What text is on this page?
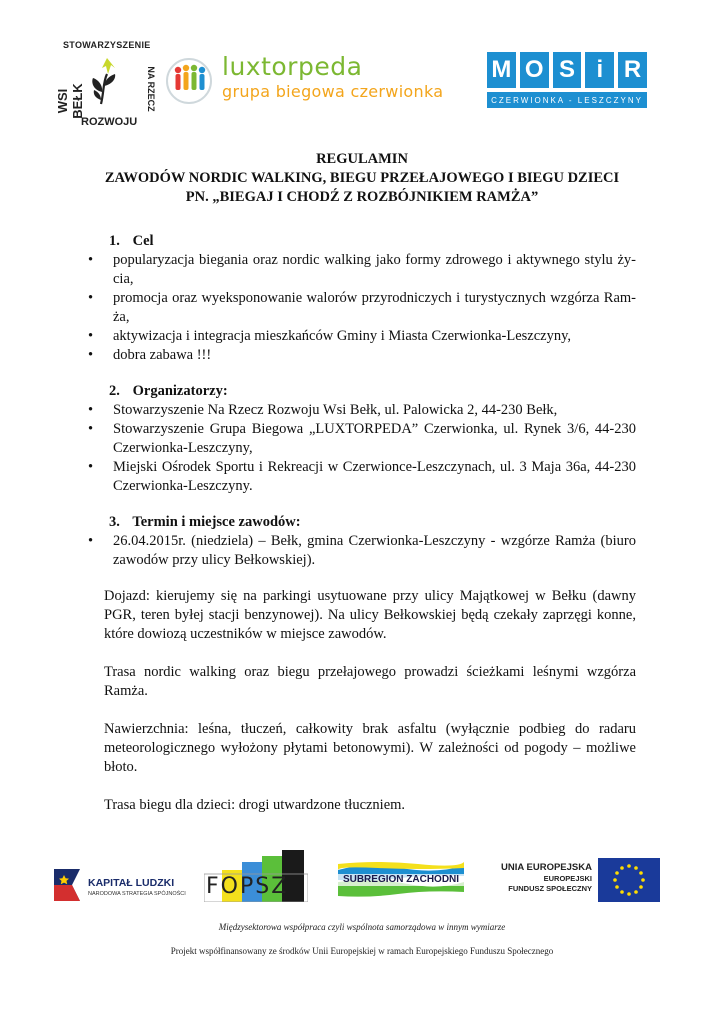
STOWARZYSZENIE
WSI BEŁK	NA RZECZ
ROZWOJU
luxtorpeda
grupa biegowa czerwionka
M O S i R
CZERWIONKA - LESZCZYNY
REGULAMIN
ZAWODÓW NORDIC WALKING, BIEGU PRZEŁAJOWEGO I BIEGU DZIECI
PN. „BIEGAJ I CHODŹ Z ROZBÓJNIKIEM RAMŻA”
1. Cel
• popularyzacja biegania oraz nordic walking jako formy zdrowego i aktywnego stylu ży-cia,
• promocja oraz wyeksponowanie walorów przyrodniczych i turystycznych wzgórza Ram-ża,
• aktywizacja i integracja mieszkańców Gminy i Miasta Czerwionka-Leszczyny,
• dobra zabawa !!!
2. Organizatorzy:
• Stowarzyszenie Na Rzecz Rozwoju Wsi Bełk, ul. Palowicka 2, 44-230 Bełk,
• Stowarzyszenie Grupa Biegowa „LUXTORPEDA” Czerwionka, ul. Rynek 3/6, 44-230 Czerwionka-Leszczyny,
• Miejski Ośrodek Sportu i Rekreacji w Czerwionce-Leszczynach, ul. 3 Maja 36a, 44-230 Czerwionka-Leszczyny.
3. Termin i miejsce zawodów:
• 26.04.2015r. (niedziela) – Bełk, gmina Czerwionka-Leszczyny - wzgórze Ramża (biuro zawodów przy ulicy Bełkowskiej).

Dojazd: kierujemy się na parkingi usytuowane przy ulicy Majątkowej w Bełku (dawny PGR, teren byłej stacji benzynowej). Na ulicy Bełkowskiej będą czekały zaprzęgi konne, które dowiozą uczestników w miejsce zawodów.

Trasa nordic walking oraz biegu przełajowego prowadzi ścieżkami leśnymi wzgórza Ramża.

Nawierzchnia: leśna, tłuczeń, całkowity brak asfaltu (wyłącznie podbieg do radaru meteorologicznego wyłożony płytami betonowymi). W zależności od pogody – możliwe błoto.

Trasa biegu dla dzieci: drogi utwardzone tłuczniem.

KAPITAŁ LUDZKI
NARODOWA STRATEGIA SPÓJNOŚCI FOPSZ	SUBREGION ZACHODNI
UNIA EUROPEJSKA
EUROPEJSKI
FUNDUSZ SPOŁECZNY
Międzysektorowa współpraca czyli wspólnota samorządowa w innym wymiarze
Projekt współfinansowany ze środków Unii Europejskiej w ramach Europejskiego Funduszu Społecznego
